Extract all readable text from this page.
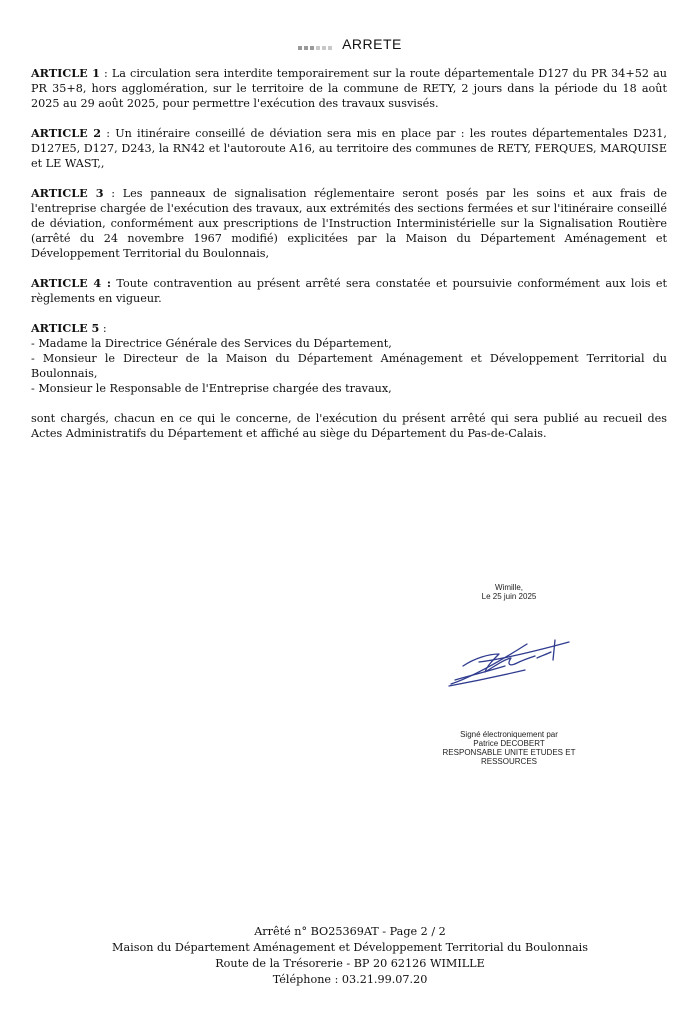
ARRETE

ARTICLE 1 : La circulation sera interdite temporairement sur la route départementale D127 du PR 34+52 au PR 35+8, hors agglomération, sur le territoire de la commune de RETY, 2 jours dans la période du 18 août 2025 au 29 août 2025, pour permettre l'exécution des travaux susvisés.

ARTICLE 2 : Un itinéraire conseillé de déviation sera mis en place par : les routes départementales D231, D127E5, D127, D243, la RN42 et l'autoroute A16, au territoire des communes de RETY, FERQUES, MARQUISE et LE WAST,,

ARTICLE 3 : Les panneaux de signalisation réglementaire seront posés par les soins et aux frais de l'entreprise chargée de l'exécution des travaux, aux extrémités des sections fermées et sur l'itinéraire conseillé de déviation, conformément aux prescriptions de l'Instruction Interministérielle sur la Signalisation Routière (arrêté du 24 novembre 1967 modifié) explicitées par la Maison du Département Aménagement et Développement Territorial du Boulonnais,

ARTICLE 4 : Toute contravention au présent arrêté sera constatée et poursuivie conformément aux lois et règlements en vigueur.

ARTICLE 5 :
- Madame la Directrice Générale des Services du Département,
- Monsieur le Directeur de la Maison du Département Aménagement et Développement Territorial du Boulonnais,
- Monsieur le Responsable de l'Entreprise chargée des travaux,

sont chargés, chacun en ce qui le concerne, de l'exécution du présent arrêté qui sera publié au recueil des Actes Administratifs du Département et affiché au siège du Département du Pas-de-Calais.

Wimille,
Le 25 juin 2025
Signé électroniquement par
Patrice DECOBERT
RESPONSABLE UNITE ETUDES ET
RESSOURCES
Arrêté n° BO25369AT - Page 2 / 2
Maison du Département Aménagement et Développement Territorial du Boulonnais
Route de la Trésorerie - BP 20 62126 WIMILLE
Téléphone : 03.21.99.07.20
